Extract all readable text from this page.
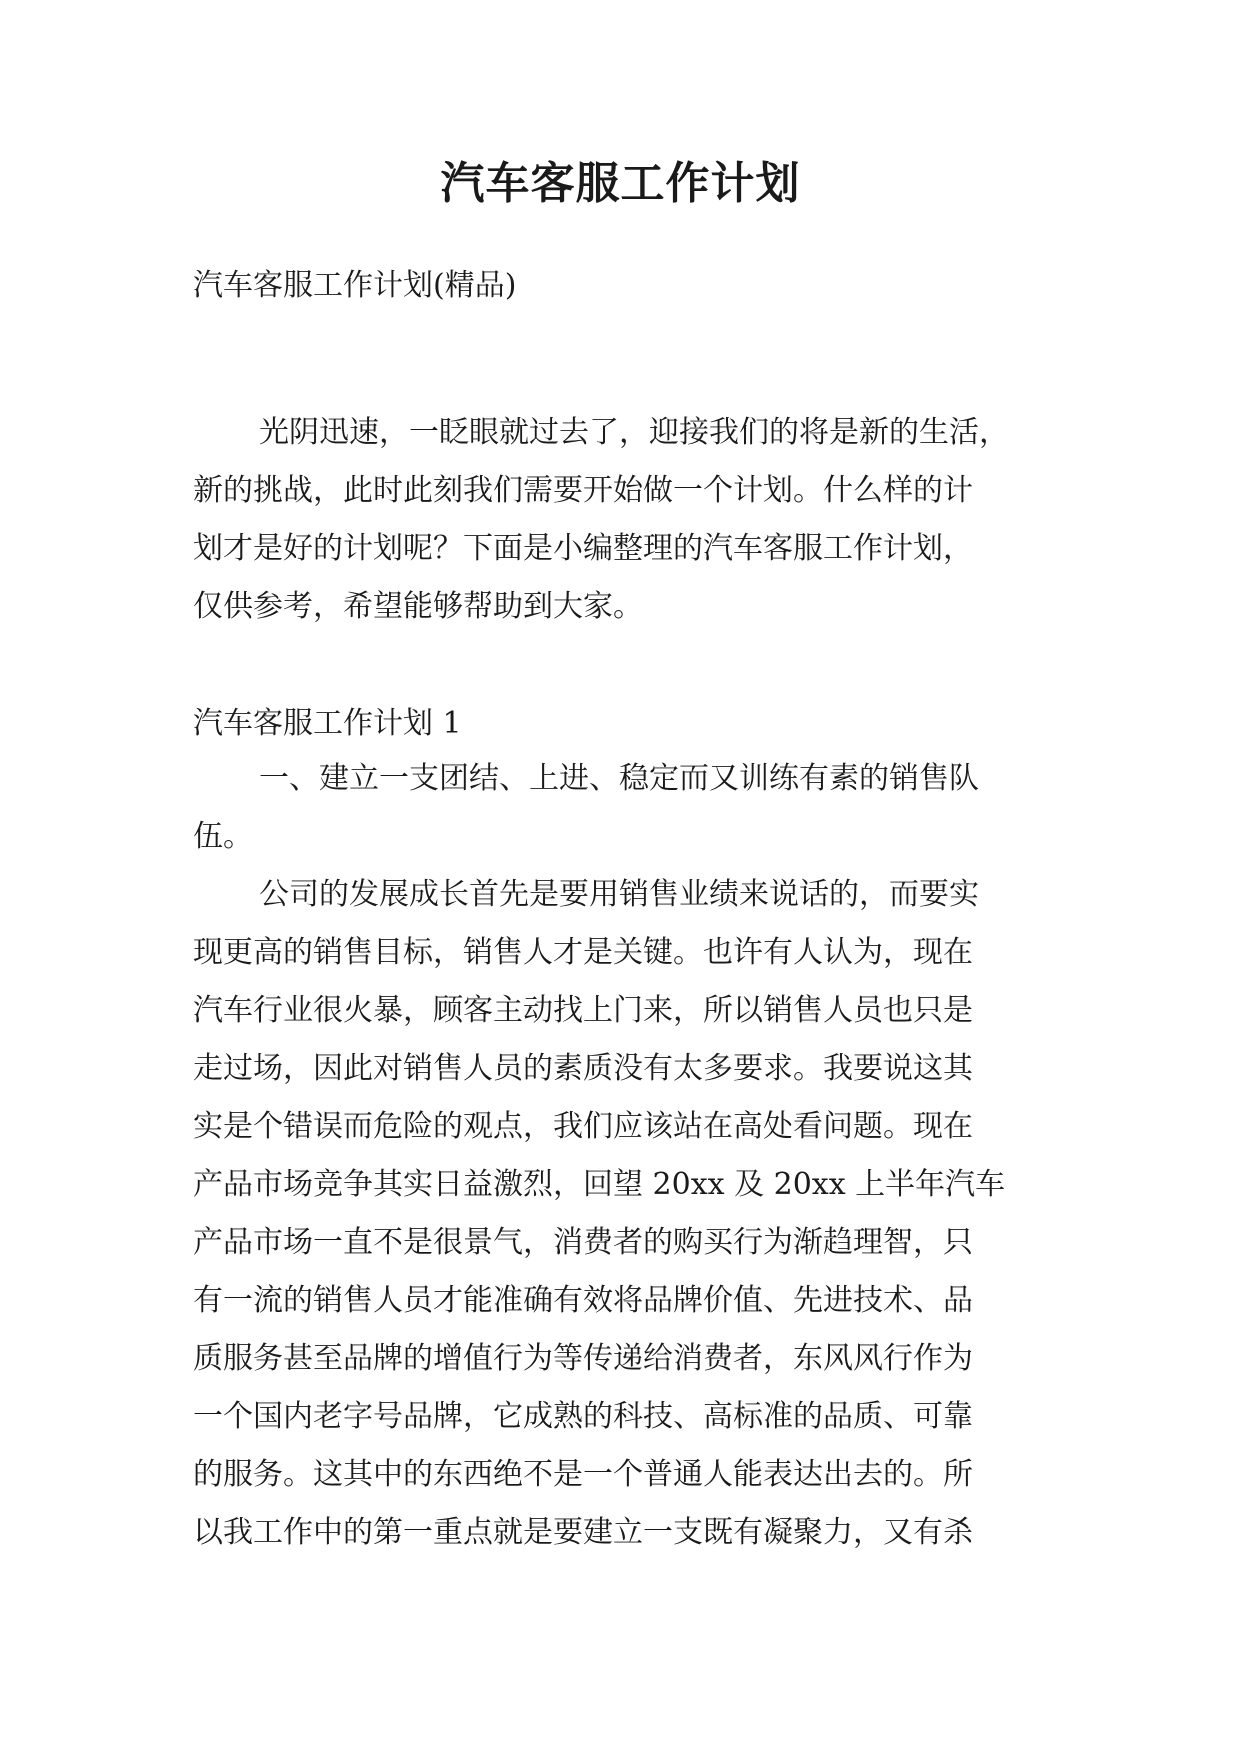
汽车客服工作计划

汽车客服工作计划(精品)

光阴迅速，一眨眼就过去了，迎接我们的将是新的生活，
新的挑战，此时此刻我们需要开始做一个计划。什么样的计
划才是好的计划呢？下面是小编整理的汽车客服工作计划，
仅供参考，希望能够帮助到大家。

汽车客服工作计划 1

一、建立一支团结、上进、稳定而又训练有素的销售队
伍。
公司的发展成长首先是要用销售业绩来说话的，而要实
现更高的销售目标，销售人才是关键。也许有人认为，现在
汽车行业很火暴，顾客主动找上门来，所以销售人员也只是
走过场，因此对销售人员的素质没有太多要求。我要说这其
实是个错误而危险的观点，我们应该站在高处看问题。现在
产品市场竞争其实日益激烈，回望 20xx 及 20xx 上半年汽车
产品市场一直不是很景气，消费者的购买行为渐趋理智，只
有一流的销售人员才能准确有效将品牌价值、先进技术、品
质服务甚至品牌的增值行为等传递给消费者，东风风行作为
一个国内老字号品牌，它成熟的科技、高标准的品质、可靠
的服务。这其中的东西绝不是一个普通人能表达出去的。所
以我工作中的第一重点就是要建立一支既有凝聚力，又有杀
